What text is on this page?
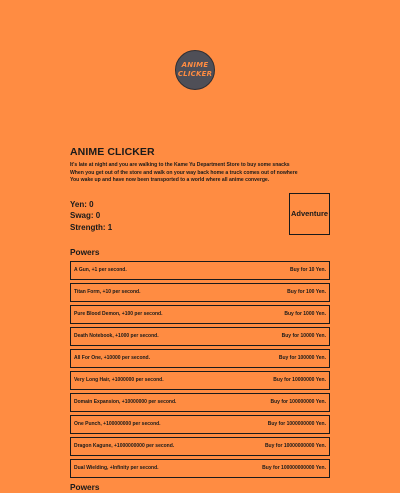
ANIME
CLICKER
ANIME CLICKER
It's late at night and you are walking to the Kame Yu Department Store to buy some snacks
When you get out of the store and walk on your way back home a truck comes out of nowhere
You wake up and have now been transported to a world where all anime converge.
Yen: 0
Swag: 0
Strength: 1
Adventure
Powers
A Gun, +1 per second.	Buy for 10 Yen.
Titan Form, +10 per second.	Buy for 100 Yen.
Pure Blood Demon, +100 per second.	Buy for 1000 Yen.
Death Notebook, +1000 per second.	Buy for 10000 Yen.
All For One, +10000 per second.	Buy for 100000 Yen.
Very Long Hair, +1000000 per second.	Buy for 10000000 Yen.
Domain Expansion, +10000000 per second.	Buy for 100000000 Yen.
One Punch, +100000000 per second.	Buy for 1000000000 Yen.
Dragon Kagune, +1000000000 per second.	Buy for 10000000000 Yen.
Dual Wielding, +Infinity per second.	Buy for 100000000000 Yen.
Powers
